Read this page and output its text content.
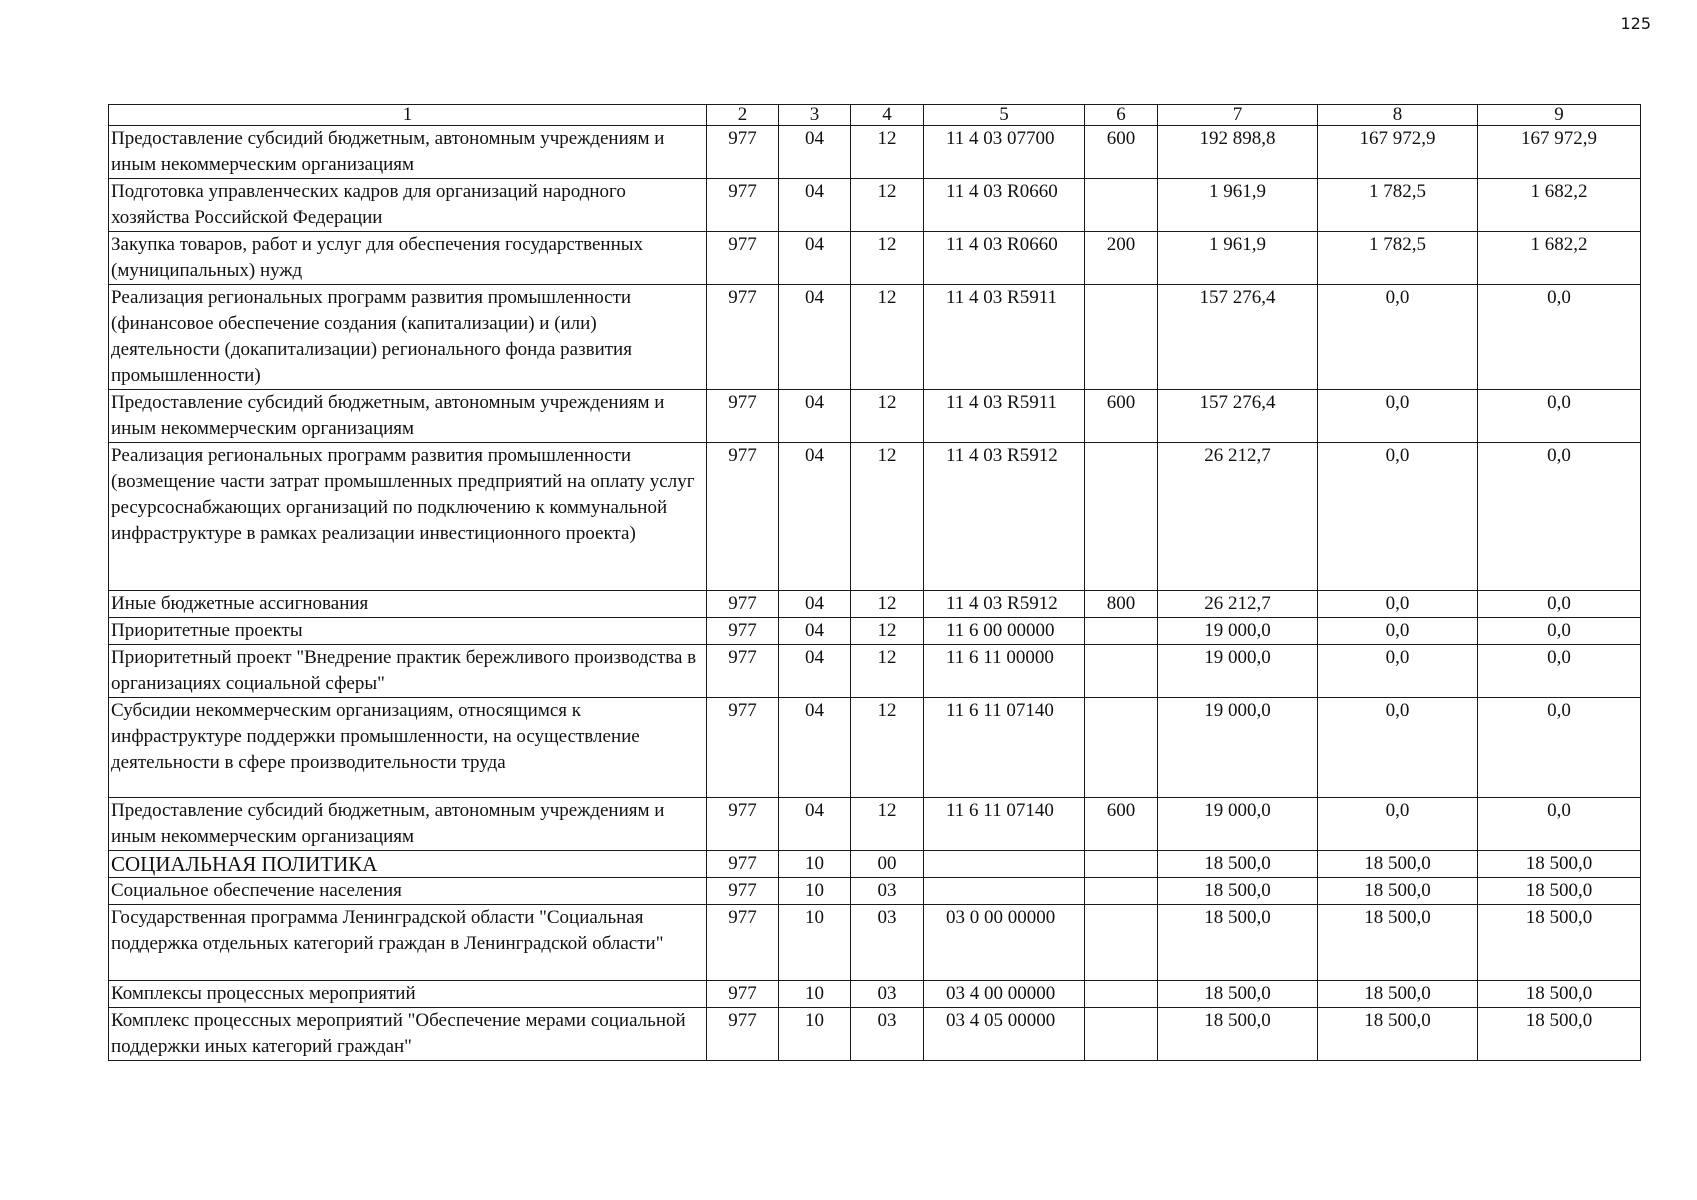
125
1	2	3	4	5	6	7	8	9
Предоставление субсидий бюджетным, автономным учреждениям и иным некоммерческим организациям	977	04	12	11 4 03 07700	600	192 898,8	167 972,9	167 972,9
Подготовка управленческих кадров для организаций народного хозяйства Российской Федерации	977	04	12	11 4 03 R0660		1 961,9	1 782,5	1 682,2
Закупка товаров, работ и услуг для обеспечения государственных (муниципальных) нужд	977	04	12	11 4 03 R0660	200	1 961,9	1 782,5	1 682,2
Реализация региональных программ развития промышленности (финансовое обеспечение создания (капитализации) и (или) деятельности (докапитализации) регионального фонда развития промышленности)	977	04	12	11 4 03 R5911		157 276,4	0,0	0,0
Предоставление субсидий бюджетным, автономным учреждениям и иным некоммерческим организациям	977	04	12	11 4 03 R5911	600	157 276,4	0,0	0,0
Реализация региональных программ развития промышленности (возмещение части затрат промышленных предприятий на оплату услуг ресурсоснабжающих организаций по подключению к коммунальной инфраструктуре в рамках реализации инвестиционного проекта)	977	04	12	11 4 03 R5912		26 212,7	0,0	0,0
Иные бюджетные ассигнования	977	04	12	11 4 03 R5912	800	26 212,7	0,0	0,0
Приоритетные проекты	977	04	12	11 6 00 00000		19 000,0	0,0	0,0
Приоритетный проект "Внедрение практик бережливого производства в организациях социальной сферы"	977	04	12	11 6 11 00000		19 000,0	0,0	0,0
Субсидии некоммерческим организациям, относящимся к инфраструктуре поддержки промышленности, на осуществление деятельности в сфере производительности труда	977	04	12	11 6 11 07140		19 000,0	0,0	0,0
Предоставление субсидий бюджетным, автономным учреждениям и иным некоммерческим организациям	977	04	12	11 6 11 07140	600	19 000,0	0,0	0,0
СОЦИАЛЬНАЯ ПОЛИТИКА	977	10	00			18 500,0	18 500,0	18 500,0
Социальное обеспечение населения	977	10	03			18 500,0	18 500,0	18 500,0
Государственная программа Ленинградской области "Социальная поддержка отдельных категорий граждан в Ленинградской области"	977	10	03	03 0 00 00000		18 500,0	18 500,0	18 500,0
Комплексы процессных мероприятий	977	10	03	03 4 00 00000		18 500,0	18 500,0	18 500,0
Комплекс процессных мероприятий "Обеспечение мерами социальной поддержки иных категорий граждан"	977	10	03	03 4 05 00000		18 500,0	18 500,0	18 500,0
